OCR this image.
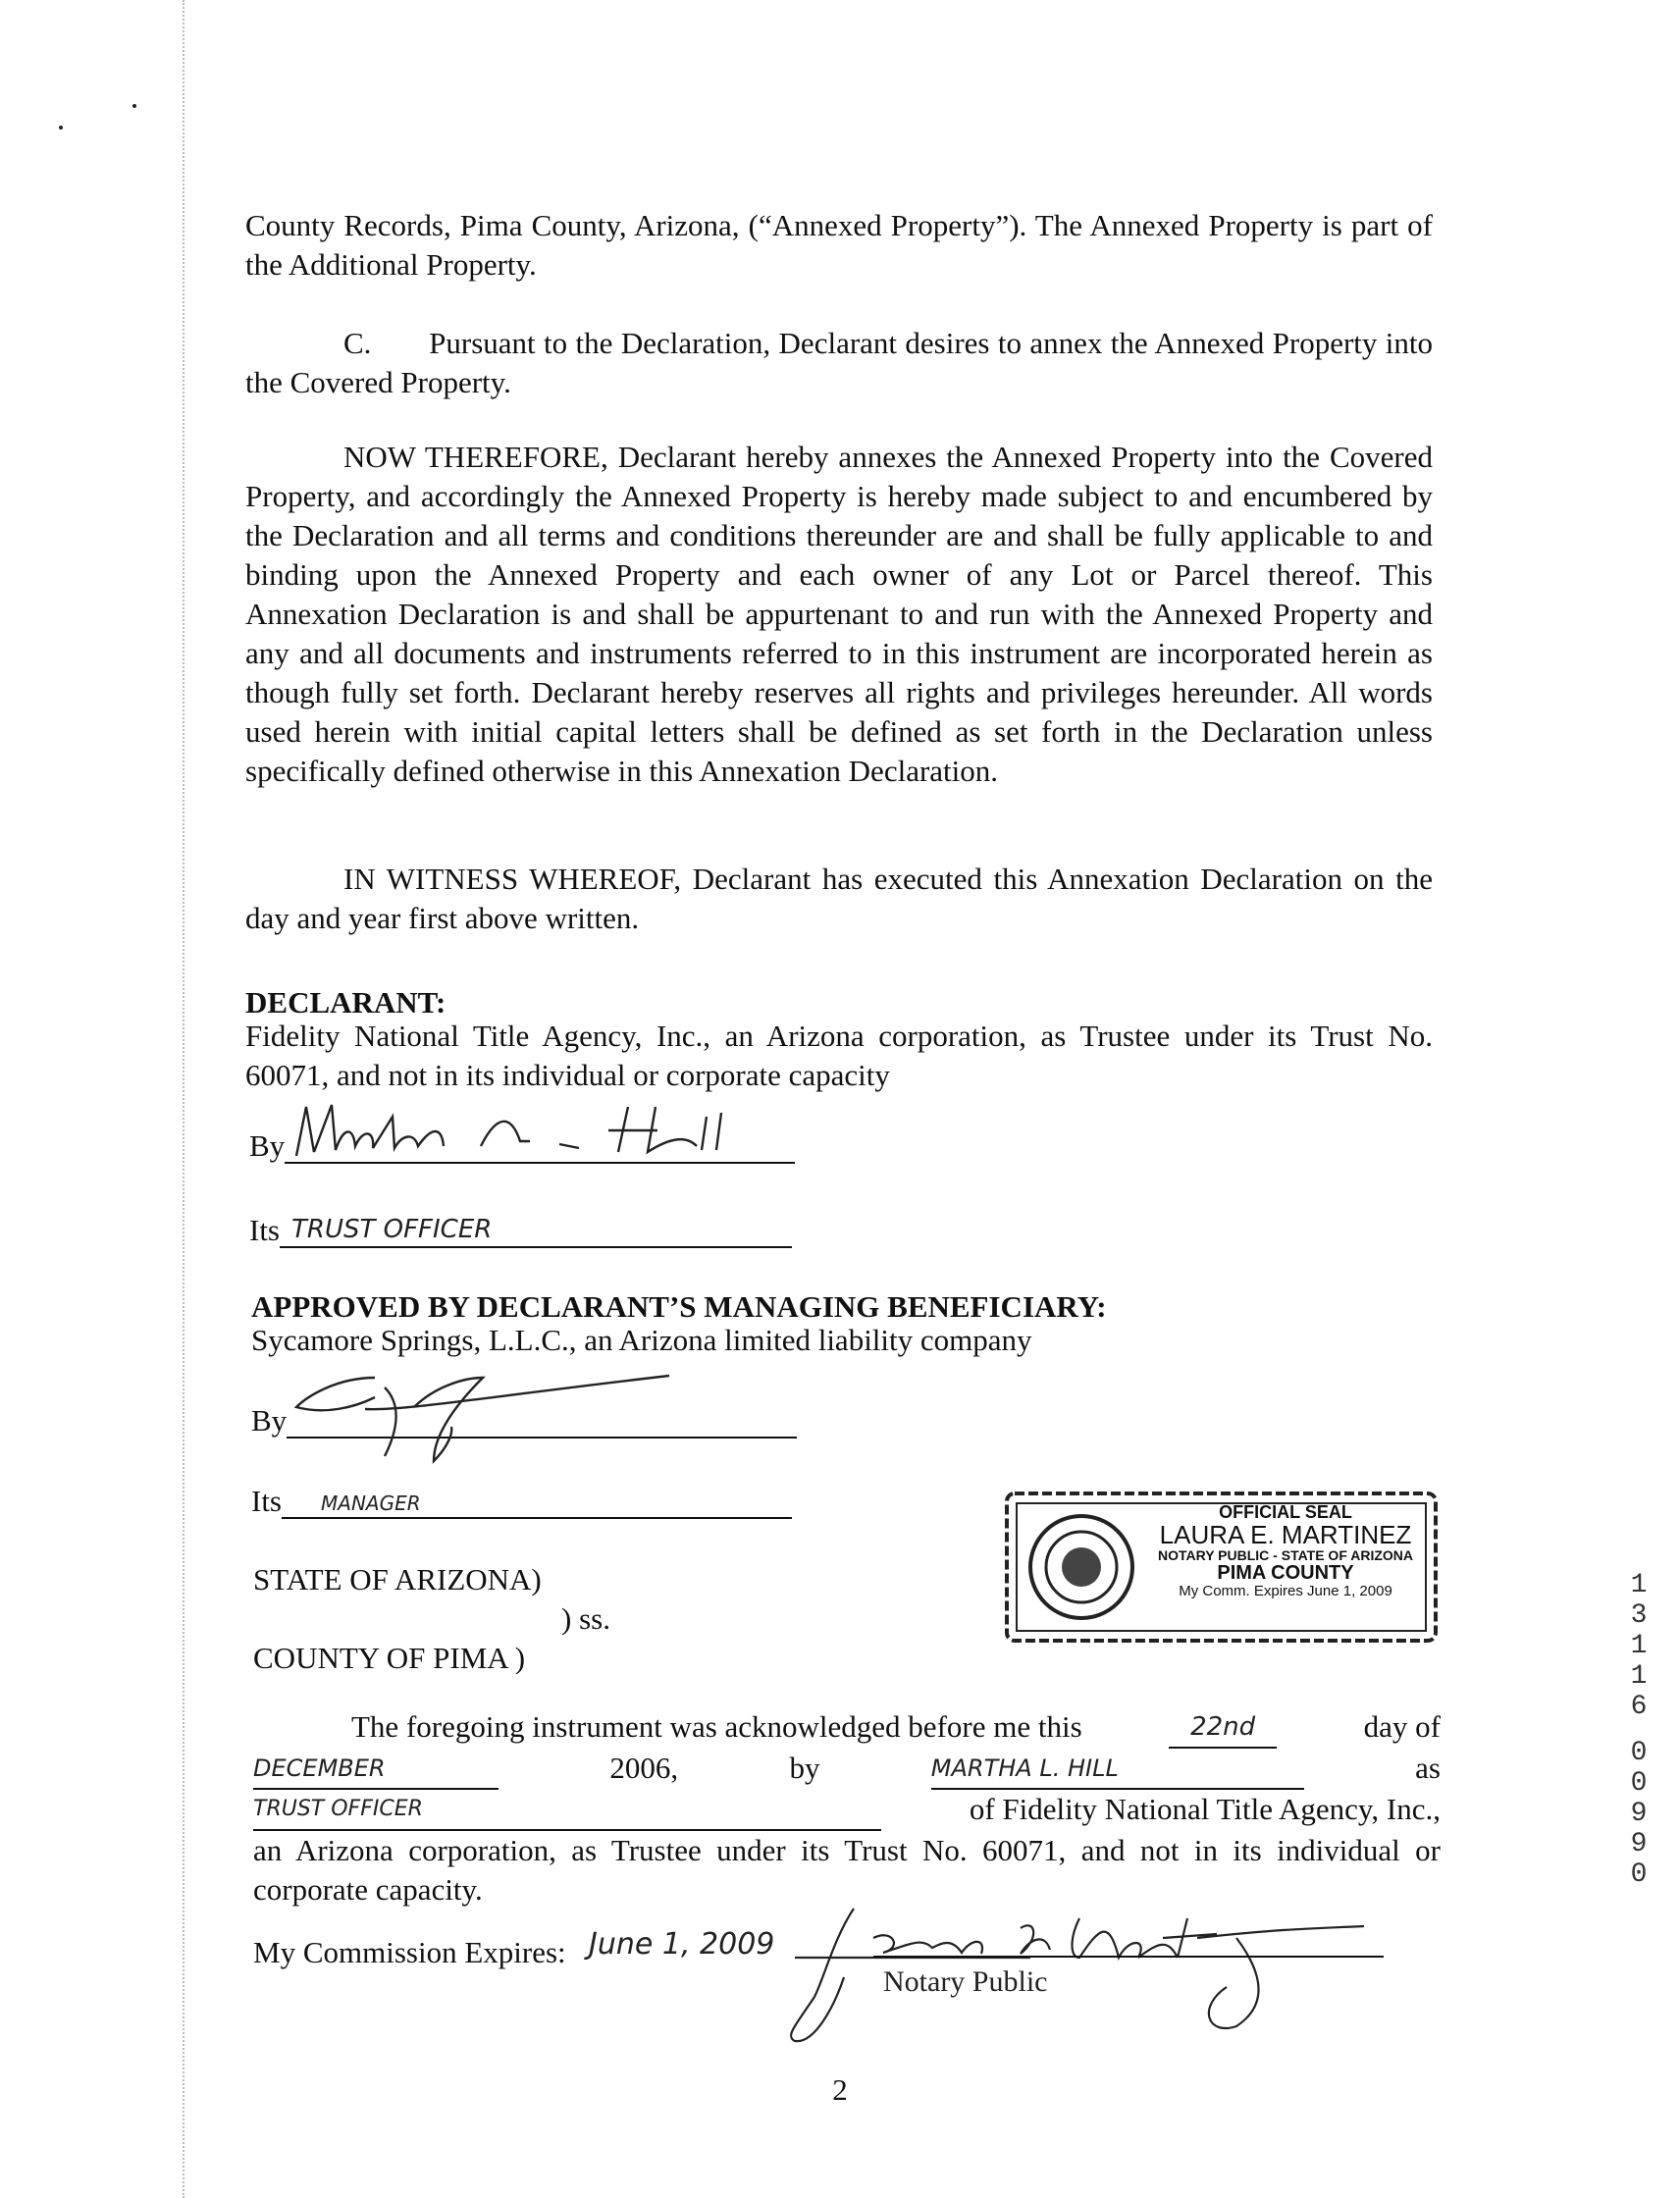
County Records, Pima County, Arizona, (“Annexed Property”). The Annexed Property is part of the Additional Property.
C. Pursuant to the Declaration, Declarant desires to annex the Annexed Property into the Covered Property.
NOW THEREFORE, Declarant hereby annexes the Annexed Property into the Covered Property, and accordingly the Annexed Property is hereby made subject to and encumbered by the Declaration and all terms and conditions thereunder are and shall be fully applicable to and binding upon the Annexed Property and each owner of any Lot or Parcel thereof. This Annexation Declaration is and shall be appurtenant to and run with the Annexed Property and any and all documents and instruments referred to in this instrument are incorporated herein as though fully set forth. Declarant hereby reserves all rights and privileges hereunder. All words used herein with initial capital letters shall be defined as set forth in the Declaration unless specifically defined otherwise in this Annexation Declaration.
IN WITNESS WHEREOF, Declarant has executed this Annexation Declaration on the day and year first above written.
DECLARANT:
Fidelity National Title Agency, Inc., an Arizona corporation, as Trustee under its Trust No. 60071, and not in its individual or corporate capacity
By
Its TRUST OFFICER
APPROVED BY DECLARANT’S MANAGING BENEFICIARY:
Sycamore Springs, L.L.C., an Arizona limited liability company
By
Its MANAGER
STATE OF ARIZONA)
) ss.
COUNTY OF PIMA )
OFFICIAL SEAL
LAURA E. MARTINEZ
NOTARY PUBLIC - STATE OF ARIZONA
PIMA COUNTY
My Comm. Expires June 1, 2009	1
3
1
1
6
0
0
9
9
0
The foregoing instrument was acknowledged before me this	22nd	day of
DECEMBER	2006,	by	MARTHA L. HILL	as
TRUST OFFICER	of Fidelity National Title Agency, Inc.,
an Arizona corporation, as Trustee under its Trust No. 60071, and not in its individual or corporate capacity.
My Commission Expires: June 1, 2009
Notary Public
2
